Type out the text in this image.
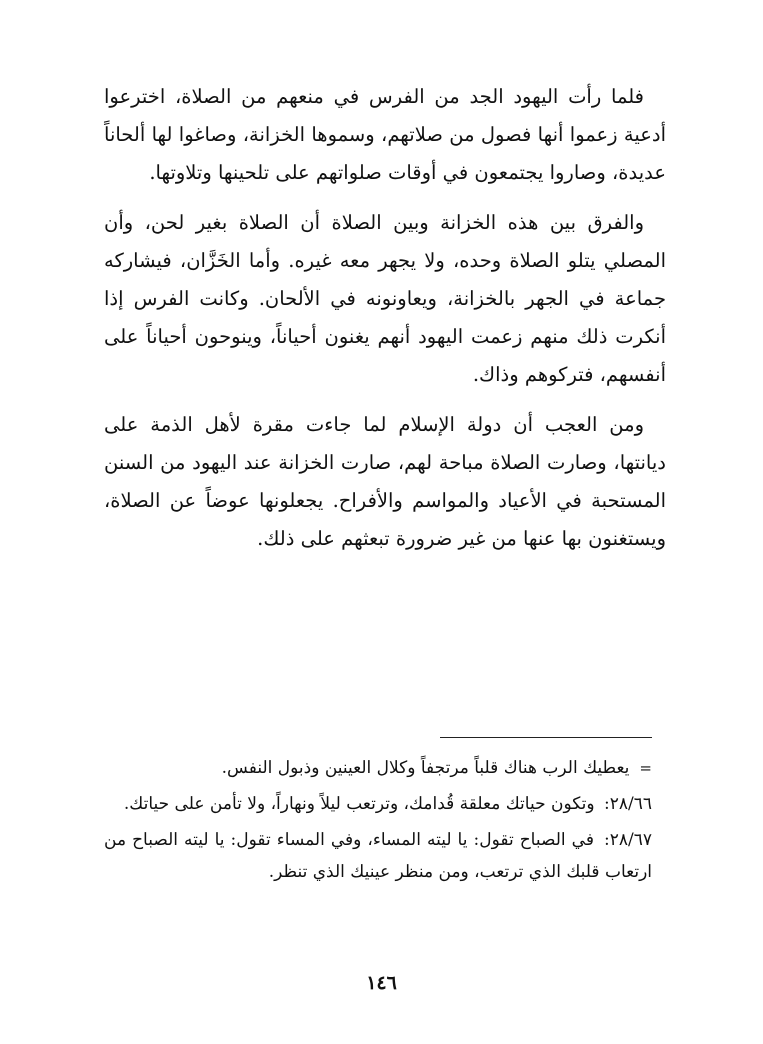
فلما رأت اليهود الجد من الفرس في منعهم من الصلاة، اخترعوا أدعية زعموا أنها فصول من صلاتهم، وسموها الخزانة، وصاغوا لها ألحاناً عديدة، وصاروا يجتمعون في أوقات صلواتهم على تلحينها وتلاوتها.

والفرق بين هذه الخزانة وبين الصلاة أن الصلاة بغير لحن، وأن المصلي يتلو الصلاة وحده، ولا يجهر معه غيره. وأما الخَزَّان، فيشاركه جماعة في الجهر بالخزانة، ويعاونونه في الألحان. وكانت الفرس إذا أنكرت ذلك منهم زعمت اليهود أنهم يغنون أحياناً، وينوحون أحياناً على أنفسهم، فتركوهم وذاك.

ومن العجب أن دولة الإسلام لما جاءت مقرة لأهل الذمة على ديانتها، وصارت الصلاة مباحة لهم، صارت الخزانة عند اليهود من السنن المستحبة في الأعياد والمواسم والأفراح. يجعلونها عوضاً عن الصلاة، ويستغنون بها عنها من غير ضرورة تبعثهم على ذلك.

=يعطيك الرب هناك قلباً مرتجفاً وكلال العينين وذبول النفس.

٢٨/٦٦: وتكون حياتك معلقة قُدامك، وترتعب ليلاً ونهاراً، ولا تأمن على حياتك.

٢٨/٦٧: في الصباح تقول: يا ليته المساء، وفي المساء تقول: يا ليته الصباح من ارتعاب قلبك الذي ترتعب، ومن منظر عينيك الذي تنظر.

١٤٦
